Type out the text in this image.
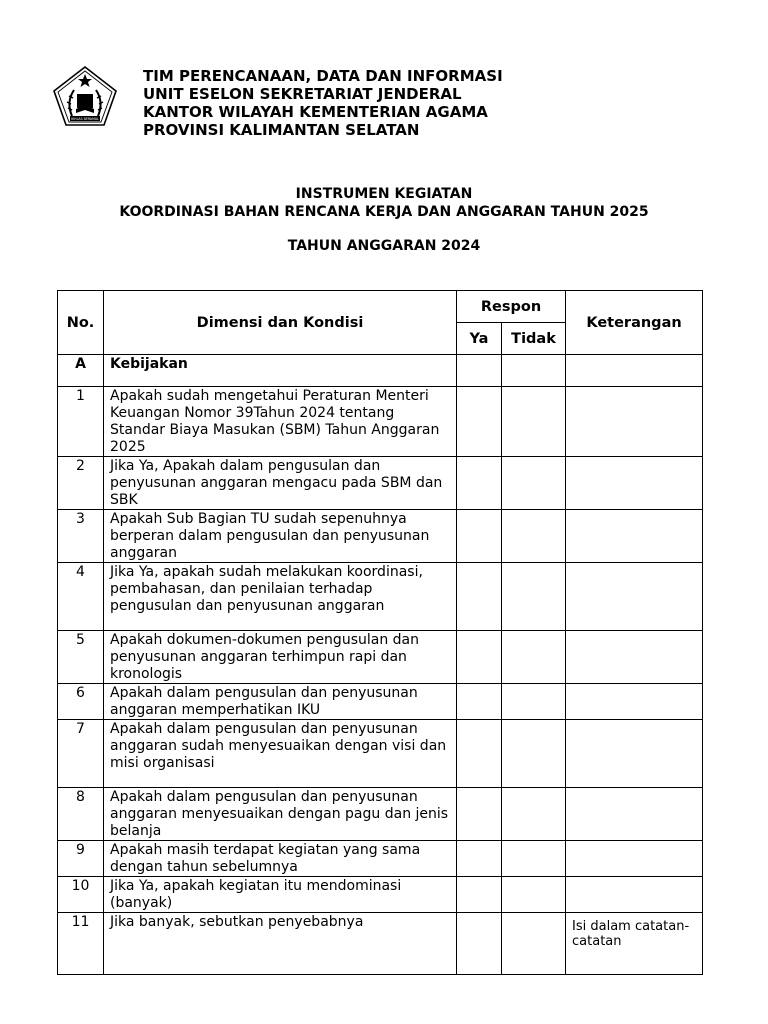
IKHLAS BERAMAL
TIM PERENCANAAN, DATA DAN INFORMASI
UNIT ESELON SEKRETARIAT JENDERAL
KANTOR WILAYAH KEMENTERIAN AGAMA
PROVINSI KALIMANTAN SELATAN
INSTRUMEN KEGIATAN
KOORDINASI BAHAN RENCANA KERJA DAN ANGGARAN TAHUN 2025
TAHUN ANGGARAN 2024
No.	Dimensi dan Kondisi	Respon		Keterangan
		Ya	Tidak	
A	Kebijakan			
1	Apakah sudah mengetahui Peraturan Menteri Keuangan Nomor 39Tahun 2024 tentang Standar Biaya Masukan (SBM) Tahun Anggaran 2025			
2	Jika Ya, Apakah dalam pengusulan dan penyusunan anggaran mengacu pada SBM dan SBK			
3	Apakah Sub Bagian TU sudah sepenuhnya berperan dalam pengusulan dan penyusunan anggaran			
4	Jika Ya, apakah sudah melakukan koordinasi, pembahasan, dan penilaian terhadap pengusulan dan penyusunan anggaran			
5	Apakah dokumen-dokumen pengusulan dan penyusunan anggaran terhimpun rapi dan kronologis			
6	Apakah dalam pengusulan dan penyusunan anggaran memperhatikan IKU			
7	Apakah dalam pengusulan dan penyusunan anggaran sudah menyesuaikan dengan visi dan misi organisasi			
8	Apakah dalam pengusulan dan penyusunan anggaran menyesuaikan dengan pagu dan jenis belanja			
9	Apakah masih terdapat kegiatan yang sama dengan tahun sebelumnya			
10	Jika Ya, apakah kegiatan itu mendominasi (banyak)			
11	Jika banyak, sebutkan penyebabnya			Isi dalam catatan-catatan
